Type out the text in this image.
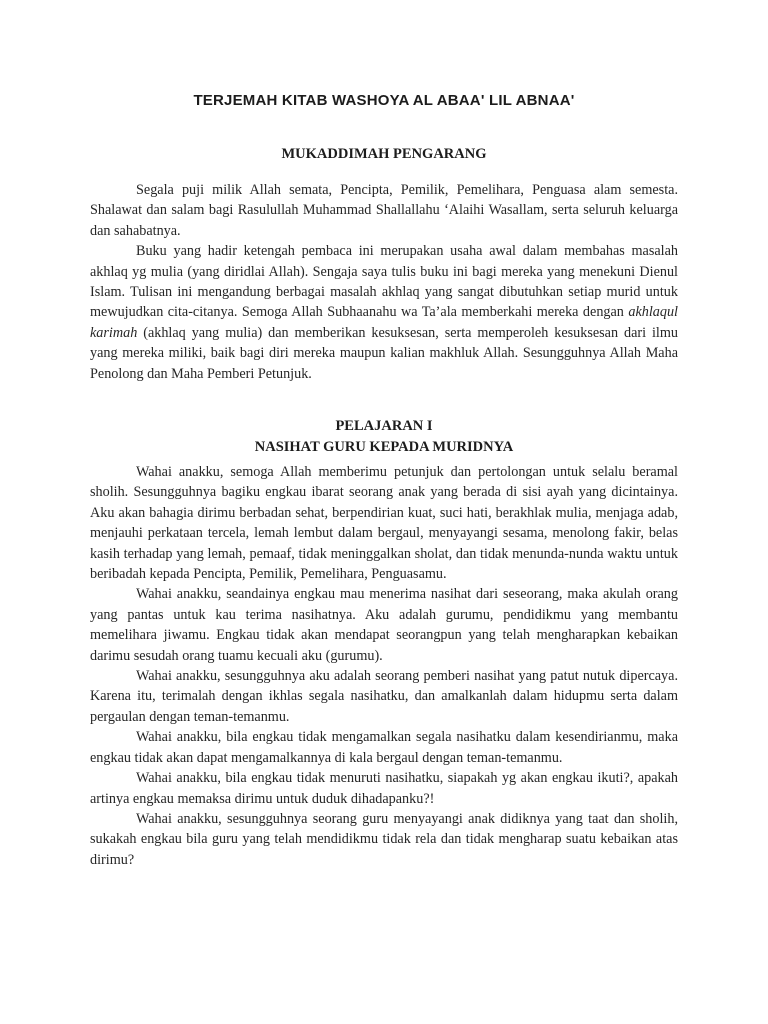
TERJEMAH KITAB WASHOYA AL ABAA' LIL ABNAA'
MUKADDIMAH PENGARANG

Segala puji milik Allah semata, Pencipta, Pemilik, Pemelihara, Penguasa alam semesta. Shalawat dan salam bagi Rasulullah Muhammad Shallallahu ‘Alaihi Wasallam, serta seluruh keluarga dan sahabatnya.

Buku yang hadir ketengah pembaca ini merupakan usaha awal dalam membahas masalah akhlaq yg mulia (yang diridlai Allah). Sengaja saya tulis buku ini bagi mereka yang menekuni Dienul Islam. Tulisan ini mengandung berbagai masalah akhlaq yang sangat dibutuhkan setiap murid untuk mewujudkan cita-citanya. Semoga Allah Subhaanahu wa Ta’ala memberkahi mereka dengan akhlaqul karimah (akhlaq yang mulia) dan memberikan kesuksesan, serta memperoleh kesuksesan dari ilmu yang mereka miliki, baik bagi diri mereka maupun kalian makhluk Allah. Sesungguhnya Allah Maha Penolong dan Maha Pemberi Petunjuk.

PELAJARAN I
NASIHAT GURU KEPADA MURIDNYA

Wahai anakku, semoga Allah memberimu petunjuk dan pertolongan untuk selalu beramal sholih. Sesungguhnya bagiku engkau ibarat seorang anak yang berada di sisi ayah yang dicintainya. Aku akan bahagia dirimu berbadan sehat, berpendirian kuat, suci hati, berakhlak mulia, menjaga adab, menjauhi perkataan tercela, lemah lembut dalam bergaul, menyayangi sesama, menolong fakir, belas kasih terhadap yang lemah, pemaaf, tidak meninggalkan sholat, dan tidak menunda-nunda waktu untuk beribadah kepada Pencipta, Pemilik, Pemelihara, Penguasamu.

Wahai anakku, seandainya engkau mau menerima nasihat dari seseorang, maka akulah orang yang pantas untuk kau terima nasihatnya. Aku adalah gurumu, pendidikmu yang membantu memelihara jiwamu. Engkau tidak akan mendapat seorangpun yang telah mengharapkan kebaikan darimu sesudah orang tuamu kecuali aku (gurumu).

Wahai anakku, sesungguhnya aku adalah seorang pemberi nasihat yang patut nutuk dipercaya. Karena itu, terimalah dengan ikhlas segala nasihatku, dan amalkanlah dalam hidupmu serta dalam pergaulan dengan teman-temanmu.

Wahai anakku, bila engkau tidak mengamalkan segala nasihatku dalam kesendirianmu, maka engkau tidak akan dapat mengamalkannya di kala bergaul dengan teman-temanmu.

Wahai anakku, bila engkau tidak menuruti nasihatku, siapakah yg akan engkau ikuti?, apakah artinya engkau memaksa dirimu untuk duduk dihadapanku?!

Wahai anakku, sesungguhnya seorang guru menyayangi anak didiknya yang taat dan sholih, sukakah engkau bila guru yang telah mendidikmu tidak rela dan tidak mengharap suatu kebaikan atas dirimu?
